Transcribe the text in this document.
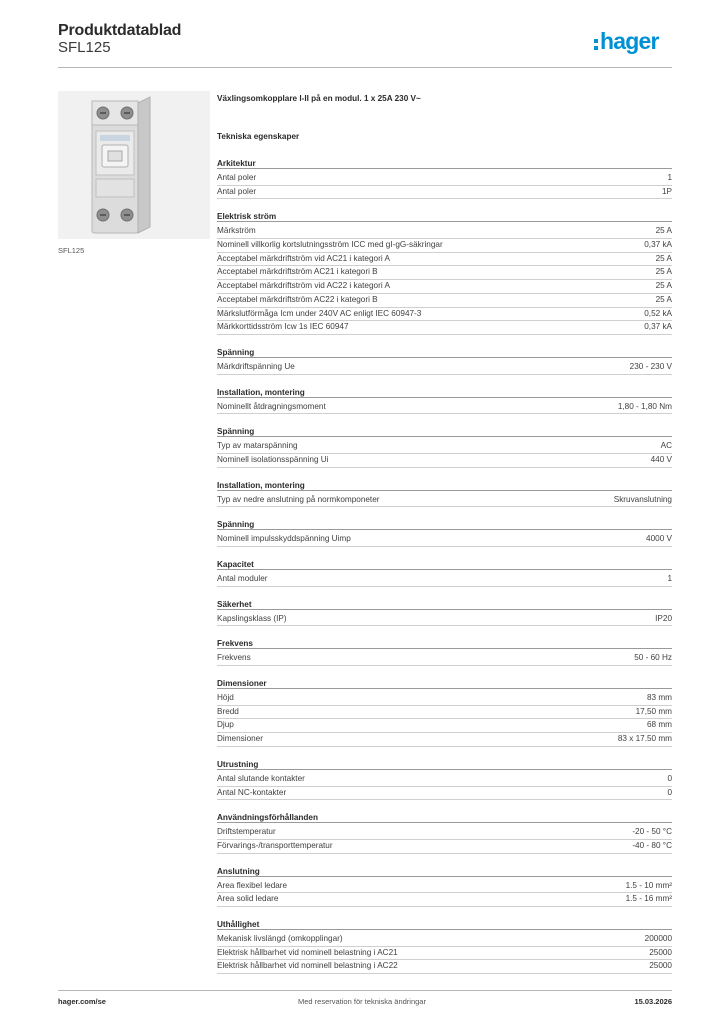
Produktdatablad
SFL125	hager
SFL125
Växlingsomkopplare I-II på en modul. 1 x 25A 230 V~
Tekniska egenskaper
Arkitektur
Antal poler	1
Antal poler	1P
Elektrisk ström
Märkström	25 A
Nominell villkorlig kortslutningsström ICC med gI-gG-säkringar	0,37 kA
Acceptabel märkdriftström vid AC21 i kategori A	25 A
Acceptabel märkdriftström AC21 i kategori B	25 A
Acceptabel märkdriftström vid AC22 i kategori A	25 A
Acceptabel märkdriftström AC22 i kategori B	25 A
Märkslutförmåga Icm under 240V AC enligt IEC 60947-3	0,52 kA
Märkkorttidsström Icw 1s IEC 60947	0,37 kA
Spänning
Märkdriftspänning Ue	230 - 230 V
Installation, montering
Nominellt åtdragningsmoment	1,80 - 1,80 Nm
Spänning
Typ av matarspänning	AC
Nominell isolationsspänning Ui	440 V
Installation, montering
Typ av nedre anslutning på normkomponeter	Skruvanslutning
Spänning
Nominell impulsskyddspänning Uimp	4000 V
Kapacitet
Antal moduler	1
Säkerhet
Kapslingsklass (IP)	IP20
Frekvens
Frekvens	50 - 60 Hz
Dimensioner
Höjd	83 mm
Bredd	17,50 mm
Djup	68 mm
Dimensioner	83 x 17.50 mm
Utrustning
Antal slutande kontakter	0
Antal NC-kontakter	0
Användningsförhållanden
Driftstemperatur	-20 - 50 °C
Förvarings-/transporttemperatur	-40 - 80 °C
Anslutning
Area flexibel ledare	1.5 - 10 mm²
Area solid ledare	1.5 - 16 mm²
Uthållighet
Mekanisk livslängd (omkopplingar)	200000
Elektrisk hållbarhet vid nominell belastning i AC21	25000
Elektrisk hållbarhet vid nominell belastning i AC22	25000
hager.com/se	Med reservation för tekniska ändringar	15.03.2026
